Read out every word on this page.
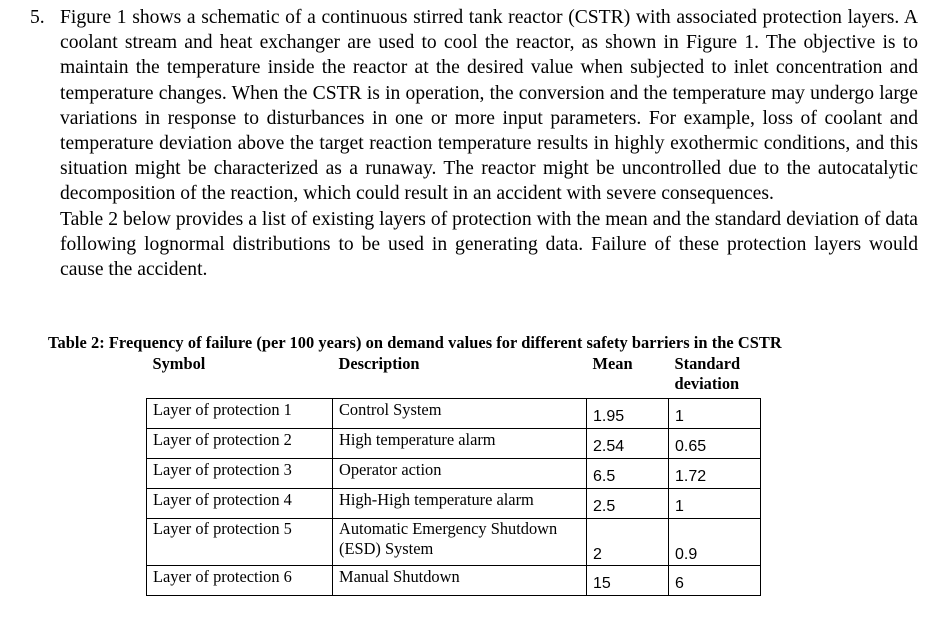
5. Figure 1 shows a schematic of a continuous stirred tank reactor (CSTR) with associated protection layers. A coolant stream and heat exchanger are used to cool the reactor, as shown in Figure 1. The objective is to maintain the temperature inside the reactor at the desired value when subjected to inlet concentration and temperature changes. When the CSTR is in operation, the conversion and the temperature may undergo large variations in response to disturbances in one or more input parameters. For example, loss of coolant and temperature deviation above the target reaction temperature results in highly exothermic conditions, and this situation might be characterized as a runaway. The reactor might be uncontrolled due to the autocatalytic decomposition of the reaction, which could result in an accident with severe consequences.

Table 2 below provides a list of existing layers of protection with the mean and the standard deviation of data following lognormal distributions to be used in generating data. Failure of these protection layers would cause the accident.

Table 2: Frequency of failure (per 100 years) on demand values for different safety barriers in the CSTR
Symbol	Description	Mean	Standard deviation
Layer of protection 1	Control System	1.95	1
Layer of protection 2	High temperature alarm	2.54	0.65
Layer of protection 3	Operator action	6.5	1.72
Layer of protection 4	High-High temperature alarm	2.5	1
Layer of protection 5	Automatic Emergency Shutdown (ESD) System	2	0.9
Layer of protection 6	Manual Shutdown	15	6
